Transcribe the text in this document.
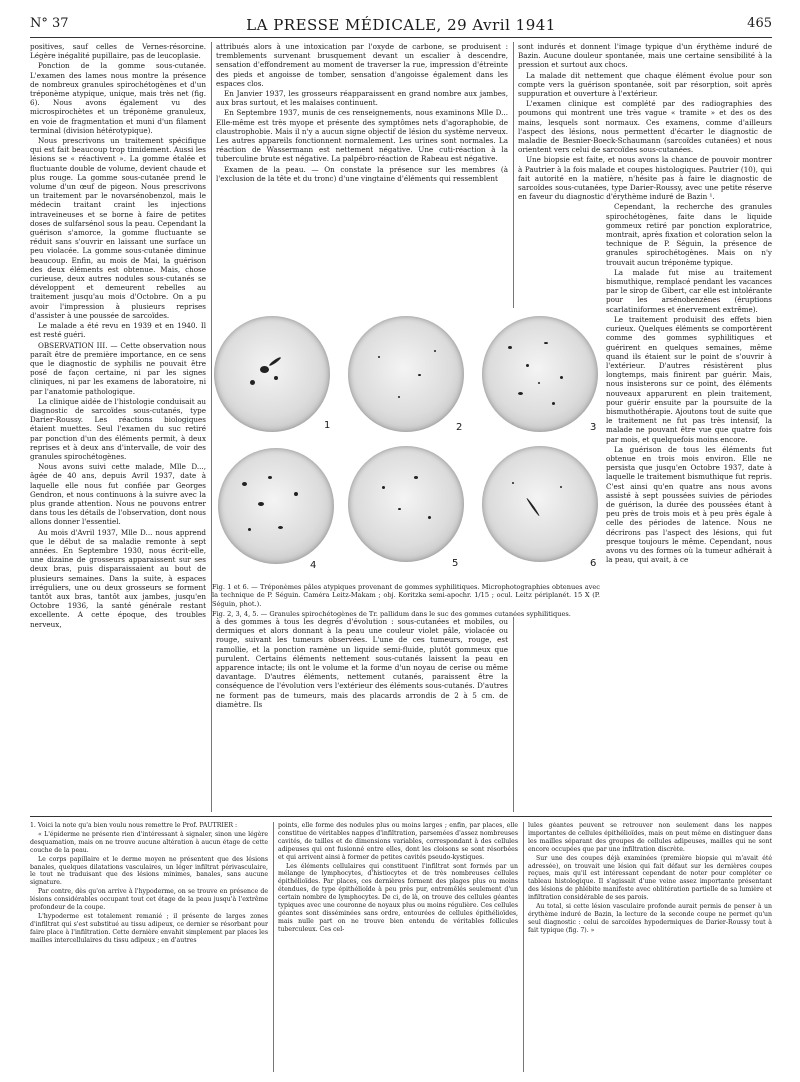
N° 37	LA PRESSE MÉDICALE, 29 Avril 1941	465

positives, sauf celles de Vernes-résorcine. Légère inégalité pupillaire, pas de leucoplasie.

Ponction de la gomme sous-cutanée. L'examen des lames nous montre la présence de nombreux granules spirochétogènes et d'un tréponème atypique, unique, mais très net (fig. 6). Nous avons également vu des microspirochètes et un tréponème granuleux, en voie de fragmentation et muni d'un filament terminal (division hétérotypique).

Nous prescrivons un traitement spécifique qui est fait beaucoup trop timidement. Aussi les lésions se « réactivent ». La gomme étalée et fluctuante double de volume, devient chaude et plus rouge. La gomme sous-cutanée prend le volume d'un œuf de pigeon. Nous prescrivons un traitement par le novarsénobenzol, mais le médecin traitant craint les injections intraveineuses et se borne à faire de petites doses de sulfarsénol sous la peau. Cependant la guérison s'amorce, la gomme fluctuante se réduit sans s'ouvrir en laissant une surface un peu violacée. La gomme sous-cutanée diminue beaucoup. Enfin, au mois de Mai, la guérison des deux éléments est obtenue. Mais, chose curieuse, deux autres nodules sous-cutanés se développent et demeurent rebelles au traitement jusqu'au mois d'Octobre. On a pu avoir l'impression à plusieurs reprises d'assister à une poussée de sarcoïdes.

Le malade a été revu en 1939 et en 1940. Il est resté guéri.

OBSERVATION III. — Cette observation nous paraît être de première importance, en ce sens que le diagnostic de syphilis ne pouvait être posé de façon certaine, ni par les signes cliniques, ni par les examens de laboratoire, ni par l'anatomie pathologique.

La clinique aidée de l'histologie conduisait au diagnostic de sarcoïdes sous-cutanés, type Darier-Roussy. Les réactions biologiques étaient muettes. Seul l'examen du suc retiré par ponction d'un des éléments permit, à deux reprises et à deux ans d'intervalle, de voir des granules spirochétogènes.

Nous avons suivi cette malade, Mlle D..., âgée de 40 ans, depuis Avril 1937, date à laquelle elle nous fut confiée par Georges Gendron, et nous continuons à la suivre avec la plus grande attention. Nous ne pouvons entrer dans tous les détails de l'observation, dont nous allons donner l'essentiel.

Au mois d'Avril 1937, Mlle D... nous apprend que le début de sa maladie remonte à sept années. En Septembre 1930, nous écrit-elle, une dizaine de grosseurs apparaissent sur ses deux bras, puis disparaissaient au bout de plusieurs semaines. Dans la suite, à espaces irréguliers, une ou deux grosseurs se forment tantôt aux bras, tantôt aux jambes, jusqu'en Octobre 1936, la santé générale restant excellente. A cette époque, des troubles nerveux,

attribués alors à une intoxication par l'oxyde de carbone, se produisent : tremblements survenant brusquement devant un escalier à descendre, sensation d'effondrement au moment de traverser la rue, impression d'étreinte des pieds et angoisse de tomber, sensation d'angoisse également dans les espaces clos.

En Janvier 1937, les grosseurs réapparaissent en grand nombre aux jambes, aux bras surtout, et les malaises continuent.

En Septembre 1937, munis de ces renseignements, nous examinons Mlle D... Elle-même est très myope et présente des symptômes nets d'agoraphobie, de claustrophobie. Mais il n'y a aucun signe objectif de lésion du système nerveux. Les autres appareils fonctionnent normalement. Les urines sont normales. La réaction de Wassermann est nettement négative. Une cuti-réaction à la tuberculine brute est négative. La palpébro-réaction de Rabeau est négative.

Examen de la peau. — On constate la présence sur les membres (à l'exclusion de la tête et du tronc) d'une vingtaine d'éléments qui ressemblent

sont indurés et donnent l'image typique d'un érythème induré de Bazin. Aucune douleur spontanée, mais une certaine sensibilité à la pression et surtout aux chocs.

La malade dit nettement que chaque élément évolue pour son compte vers la guérison spontanée, soit par résorption, soit après suppuration et ouverture à l'extérieur.

L'examen clinique est complété par des radiographies des poumons qui montrent une très vague « tramite » et des os des mains, lesquels sont normaux. Ces examens, comme d'ailleurs l'aspect des lésions, nous permettent d'écarter le diagnostic de maladie de Besnier-Boeck-Schaumann (sarcoïdes cutanées) et nous orientent vers celui de sarcoïdes sous-cutanées.

Une biopsie est faite, et nous avons la chance de pouvoir montrer à Pautrier à la fois malade et coupes histologiques. Pautrier (10), qui fait autorité en la matière, n'hésite pas à faire le diagnostic de sarcoïdes sous-cutanées, type Darier-Roussy, avec une petite réserve en faveur du diagnostic d'érythème induré de Bazin ¹.

Cependant, la recherche des granules spirochétogènes, faite dans le liquide gommeux retiré par ponction exploratrice, montrait, après fixation et coloration selon la technique de P. Séguin, la présence de granules spirochétogènes. Mais on n'y trouvait aucun tréponème typique.

La malade fut mise au traitement bismuthique, remplacé pendant les vacances par le sirop de Gibert, car elle est intolérante pour les arsénobenzènes (éruptions scarlatiniformes et énervement extrême).

Le traitement produisit des effets bien curieux. Quelques éléments se comportèrent comme des gommes syphilitiques et guérirent en quelques semaines, même quand ils étaient sur le point de s'ouvrir à l'extérieur. D'autres résistèrent plus longtemps, mais finirent par guérir. Mais, nous insisterons sur ce point, des éléments nouveaux apparurent en plein traitement, pour guérir ensuite par la poursuite de la bismuthothérapie. Ajoutons tout de suite que le traitement ne fut pas très intensif, la malade ne pouvant être vue que quatre fois par mois, et quelquefois moins encore.

La guérison de tous les éléments fut obtenue en trois mois environ. Elle ne persista que jusqu'en Octobre 1937, date à laquelle le traitement bismuthique fut repris. C'est ainsi qu'en quatre ans nous avons assisté à sept poussées suivies de périodes de guérison, la durée des poussées étant à peu près de trois mois et à peu près égale à celle des périodes de latence. Nous ne décrirons pas l'aspect des lésions, qui fut presque toujours le même. Cependant, nous avons vu des formes où la tumeur adhérait à la peau, qui avait, à ce

1	2	3
4	5	6

Fig. 1 et 6. — Tréponèmes pâles atypiques provenant de gommes syphilitiques. Microphotographies obtenues avec la technique de P. Séguin. Caméra Leitz-Makam ; obj. Koritzka semi-apochr. 1/15 ; ocul. Leitz périplanét. 15 X (P. Séguin, phot.).

Fig. 2, 3, 4, 5. — Granules spirochétogènes de Tr. pallidum dans le suc des gommes cutanées syphilitiques.

à des gommes à tous les degrés d'évolution : sous-cutanées et mobiles, ou dermiques et alors donnant à la peau une couleur violet pâle, violacée ou rouge, suivant les tumeurs observées. L'une de ces tumeurs, rouge, est ramollie, et la ponction ramène un liquide semi-fluide, plutôt gommeux que purulent. Certains éléments nettement sous-cutanés laissent la peau en apparence intacte; ils ont le volume et la forme d'un noyau de cerise ou même davantage. D'autres éléments, nettement cutanés, paraissent être la conséquence de l'évolution vers l'extérieur des éléments sous-cutanés. D'autres ne forment pas de tumeurs, mais des placards arrondis de 2 à 5 cm. de diamètre. Ils

1. Voici la note qu'a bien voulu nous remettre le Prof. PAUTRIER :

« L'épiderme ne présente rien d'intéressant à signaler, sinon une légère desquamation, mais on ne trouve aucune altération à aucun étage de cette couche de la peau.

Le corps papillaire et le derme moyen ne présentent que des lésions banales, quelques dilatations vasculaires, un léger infiltrat périvasculaire, le tout ne traduisant que des lésions minimes, banales, sans aucune signature.

Par contre, dès qu'on arrive à l'hypoderme, on se trouve en présence de lésions considérables occupant tout cet étage de la peau jusqu'à l'extrême profondeur de la coupe.

L'hypoderme est totalement remanié ; il présente de larges zones d'infiltrat qui s'est substitué au tissu adipeux, ce dernier se résorbant pour faire place à l'infiltration. Cette dernière envahit simplement par places les mailles intercellulaires du tissu adipeux ; en d'autres

points, elle forme des nodules plus ou moins larges ; enfin, par places, elle constitue de véritables nappes d'infiltration, parsemées d'assez nombreuses cavités, de tailles et de dimensions variables, correspondant à des cellules adipeuses qui ont fusionné entre elles, dont les cloisons se sont résorbées et qui arrivent ainsi à former de petites cavités pseudo-kystiques.

Les éléments cellulaires qui constituent l'infiltrat sont formés par un mélange de lymphocytes, d'histiocytes et de très nombreuses cellules épithélioïdes. Par places, ces dernières forment des plages plus ou moins étendues, de type épithélioïde à peu près pur, entremêlés seulement d'un certain nombre de lymphocytes. De ci, de là, on trouve des cellules géantes typiques avec une couronne de noyaux plus ou moins régulière. Ces cellules géantes sont disséminées sans ordre, entourées de cellules épithélioïdes, mais nulle part on ne trouve bien entendu de véritables follicules tuberculeux. Ces cel-

lules géantes peuvent se retrouver non seulement dans les nappes importantes de cellules épithélioïdes, mais on peut même en distinguer dans les mailles séparant des groupes de cellules adipeuses, mailles qui ne sont encore occupées que par une infiltration discrète.

Sur une des coupes déjà examinées (première biopsie qui m'avait été adressée), on trouvait une lésion qui fait défaut sur les dernières coupes reçues, mais qu'il est intéressant cependant de noter pour compléter ce tableau histologique. Il s'agissait d'une veine assez importante présentant des lésions de phlébite manifeste avec oblitération partielle de sa lumière et infiltration considérable de ses parois.

Au total, si cette lésion vasculaire profonde aurait permis de penser à un érythème induré de Bazin, la lecture de la seconde coupe ne permet qu'un seul diagnostic : celui de sarcoïdes hypodermiques de Darier-Roussy tout à fait typique (fig. 7). »
